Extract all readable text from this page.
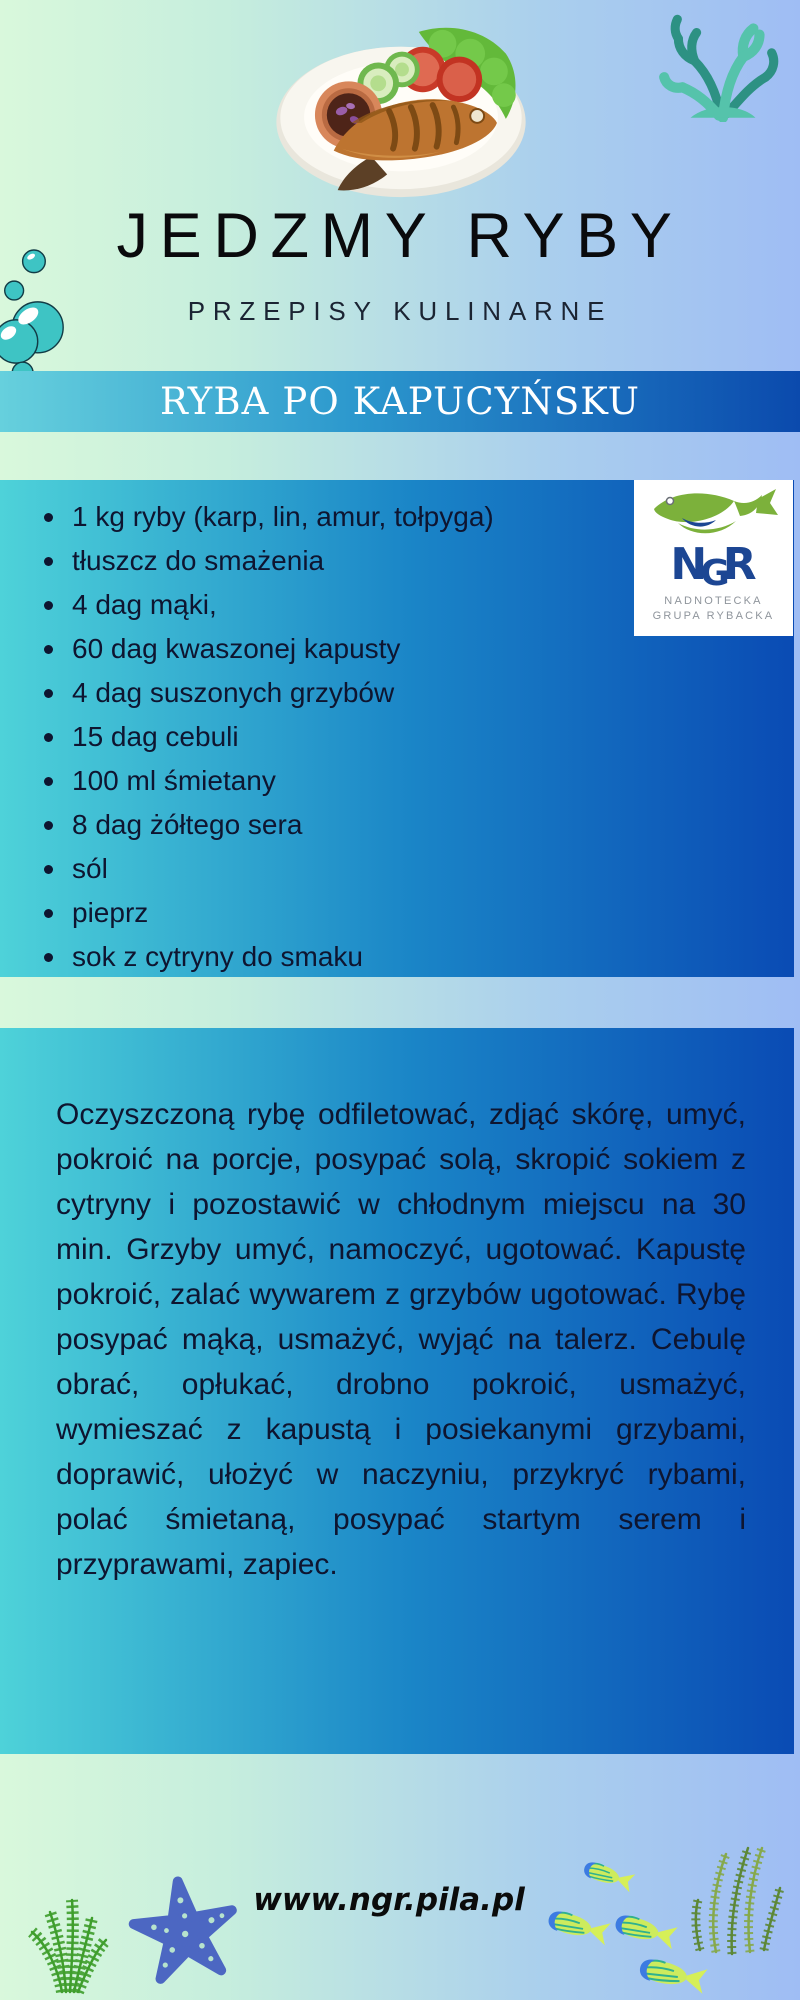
JEDZMY RYBY
PRZEPISY KULINARNE
RYBA PO KAPUCYŃSKU
1 kg ryby (karp, lin, amur, tołpyga)
tłuszcz do smażenia
4 dag mąki,
60 dag kwaszonej kapusty
4 dag suszonych grzybów
15 dag cebuli
100 ml śmietany
8 dag żółtego sera
sól
pieprz
sok z cytryny do smaku
N
G
R
NADNOTECKA
GRUPA RYBACKA

Oczyszczoną rybę odfiletować, zdjąć skórę, umyć, pokroić na porcje, posypać solą, skropić sokiem z cytryny i pozostawić w chłodnym miejscu na 30 min. Grzyby umyć, namoczyć, ugotować. Kapustę pokroić, zalać wywarem z grzybów ugotować. Rybę posypać mąką, usmażyć, wyjąć na talerz. Cebulę obrać, opłukać, drobno pokroić, usmażyć, wymieszać z kapustą i posiekanymi grzybami, doprawić, ułożyć w naczyniu, przykryć rybami, polać śmietaną, posypać startym serem i przyprawami, zapiec.

www.ngr.pila.pl
